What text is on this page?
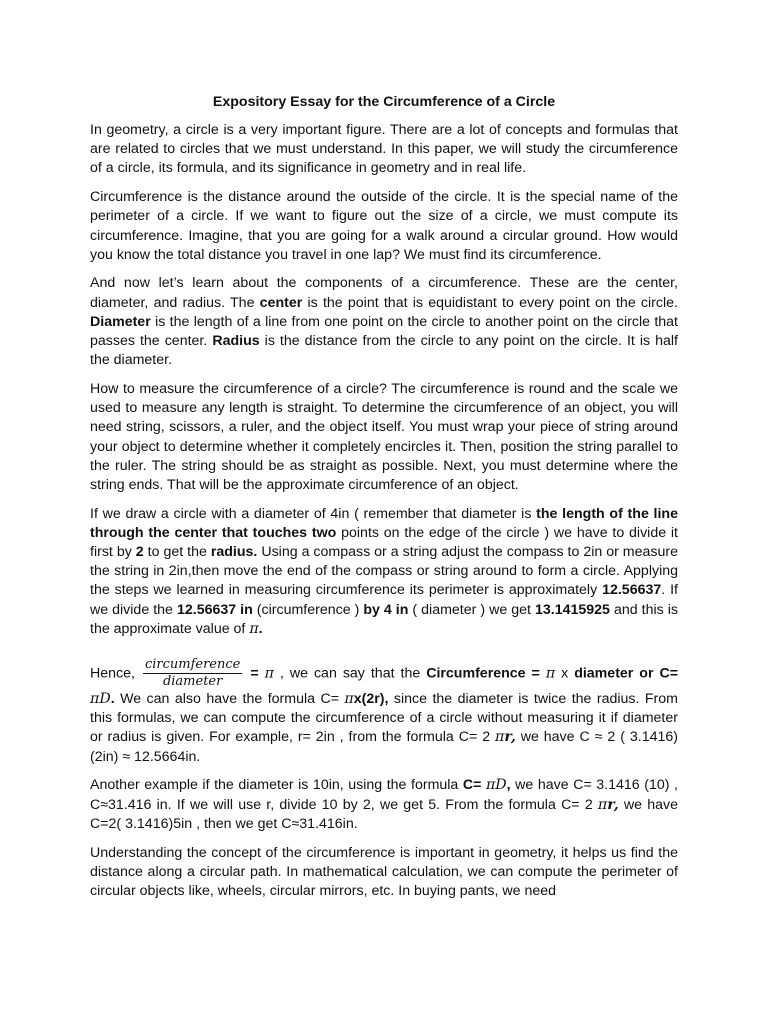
Expository Essay for the Circumference of a Circle

In geometry, a circle is a very important figure. There are a lot of concepts and formulas that are related to circles that we must understand. In this paper, we will study the circumference of a circle, its formula, and its significance in geometry and in real life.

Circumference is the distance around the outside of the circle. It is the special name of the perimeter of a circle. If we want to figure out the size of a circle, we must compute its circumference. Imagine, that you are going for a walk around a circular ground. How would you know the total distance you travel in one lap? We must find its circumference.

And now let’s learn about the components of a circumference. These are the center, diameter, and radius. The center is the point that is equidistant to every point on the circle. Diameter is the length of a line from one point on the circle to another point on the circle that passes the center. Radius is the distance from the circle to any point on the circle. It is half the diameter.

How to measure the circumference of a circle? The circumference is round and the scale we used to measure any length is straight. To determine the circumference of an object, you will need string, scissors, a ruler, and the object itself. You must wrap your piece of string around your object to determine whether it completely encircles it. Then, position the string parallel to the ruler. The string should be as straight as possible. Next, you must determine where the string ends. That will be the approximate circumference of an object.

If we draw a circle with a diameter of 4in ( remember that diameter is the length of the line through the center that touches two points on the edge of the circle ) we have to divide it first by 2 to get the radius. Using a compass or a string adjust the compass to 2in or measure the string in 2in,then move the end of the compass or string around to form a circle. Applying the steps we learned in measuring circumference its perimeter is approximately 12.56637. If we divide the 12.56637 in (circumference ) by 4 in ( diameter ) we get 13.1415925 and this is the approximate value of π.

Hence, $\frac{\text{circumference}}{\text{diameter}} = \pi$ , we can say that the Circumference = π x diameter or C= πD. We can also have the formula C= πx(2r), since the diameter is twice the radius. From this formulas, we can compute the circumference of a circle without measuring it if diameter or radius is given. For example, r= 2in , from the formula C= 2 πr, we have C ≈ 2 ( 3.1416)(2in) ≈ 12.5664in.

Another example if the diameter is 10in, using the formula C= πD, we have C= 3.1416 (10) , C≈31.416 in. If we will use r, divide 10 by 2, we get 5. From the formula C= 2 πr, we have C=2( 3.1416)5in , then we get C≈31.416in.

Understanding the concept of the circumference is important in geometry, it helps us find the distance along a circular path. In mathematical calculation, we can compute the perimeter of circular objects like, wheels, circular mirrors, etc. In buying pants, we need
